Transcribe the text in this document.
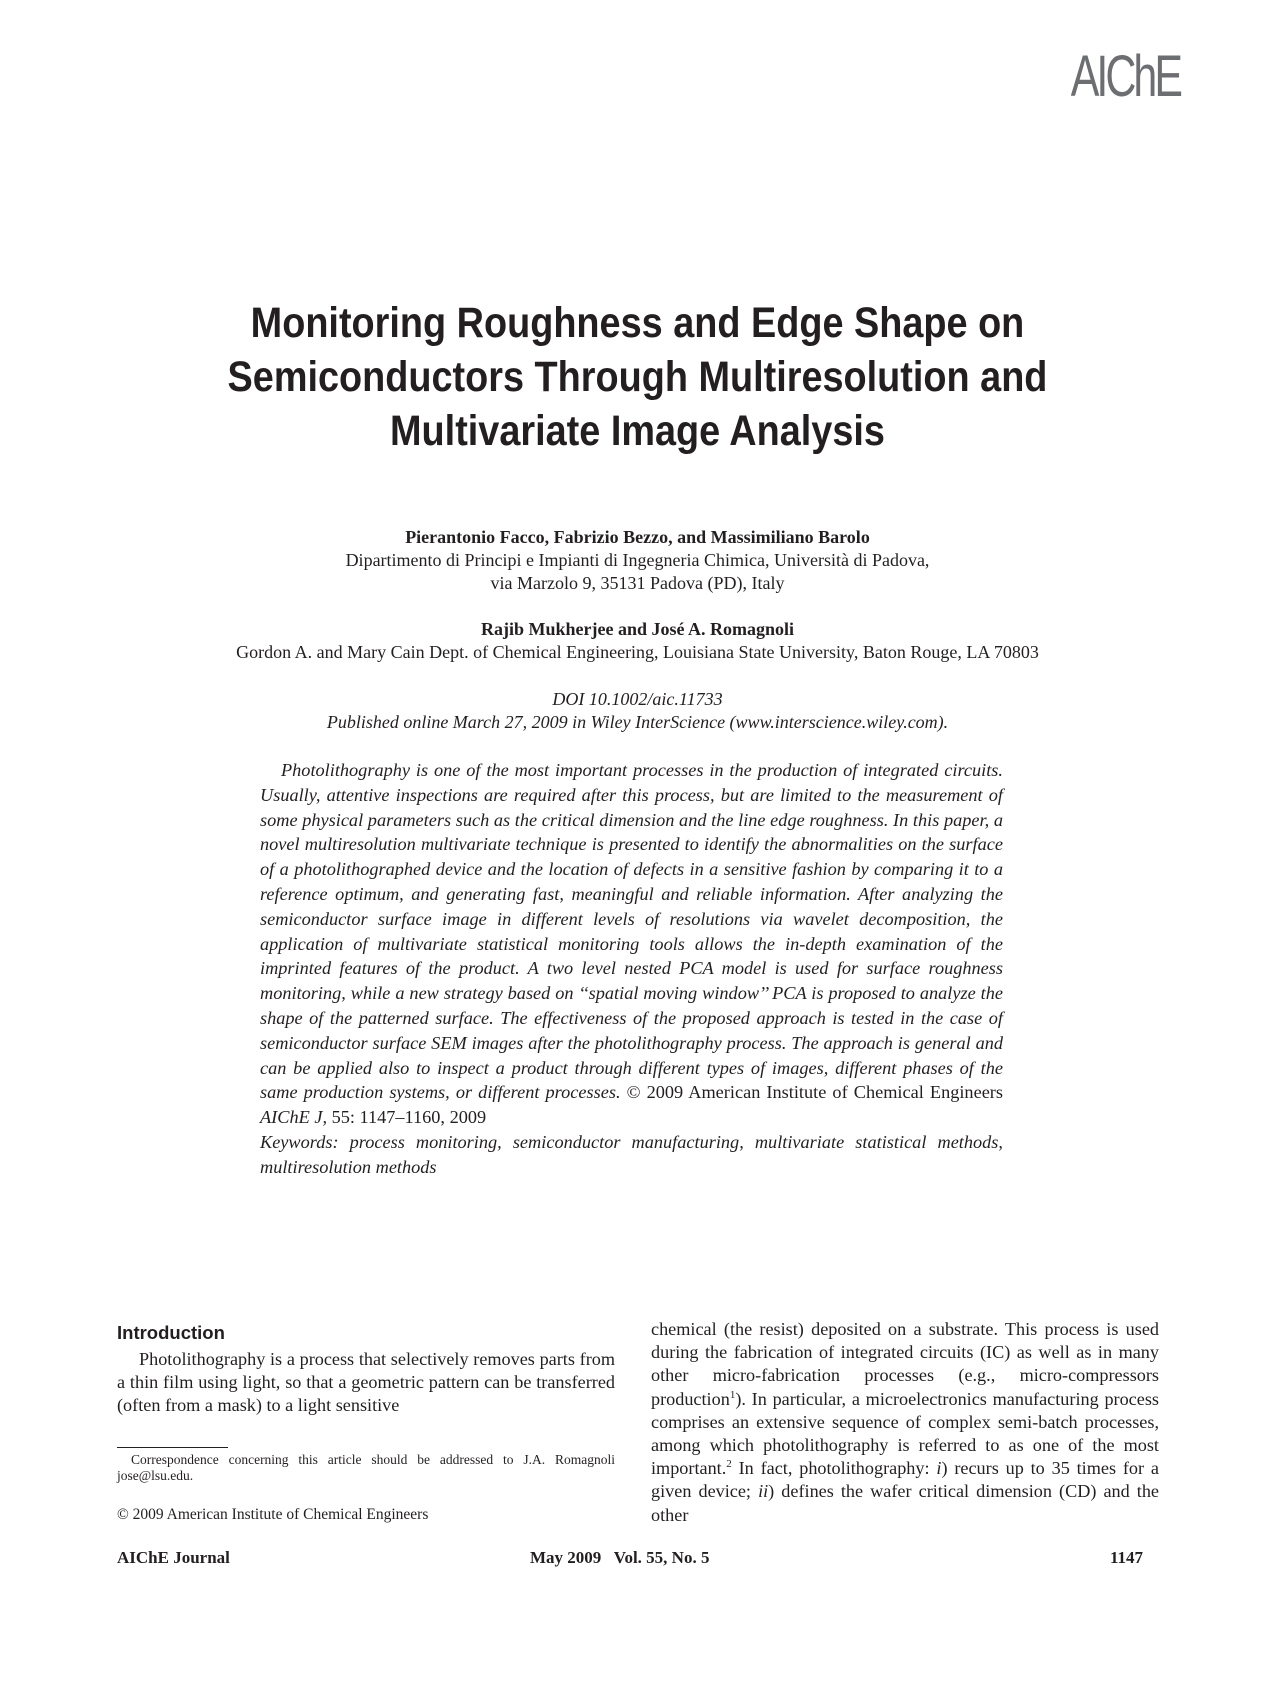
AIChE
Monitoring Roughness and Edge Shape on
Semiconductors Through Multiresolution and
Multivariate Image Analysis
Pierantonio Facco, Fabrizio Bezzo, and Massimiliano Barolo
Dipartimento di Principi e Impianti di Ingegneria Chimica, Università di Padova,
via Marzolo 9, 35131 Padova (PD), Italy
Rajib Mukherjee and José A. Romagnoli
Gordon A. and Mary Cain Dept. of Chemical Engineering, Louisiana State University, Baton Rouge, LA 70803
DOI 10.1002/aic.11733
Published online March 27, 2009 in Wiley InterScience (www.interscience.wiley.com).

Photolithography is one of the most important processes in the production of integrated circuits. Usually, attentive inspections are required after this process, but are limited to the measurement of some physical parameters such as the critical dimension and the line edge roughness. In this paper, a novel multiresolution multivariate technique is presented to identify the abnormalities on the surface of a photolithographed device and the location of defects in a sensitive fashion by comparing it to a reference optimum, and generating fast, meaningful and reliable information. After analyzing the semiconductor surface image in different levels of resolutions via wavelet decomposition, the application of multivariate statistical monitoring tools allows the in-depth examination of the imprinted features of the product. A two level nested PCA model is used for surface roughness monitoring, while a new strategy based on ‘‘spatial moving window’’ PCA is proposed to analyze the shape of the patterned surface. The effectiveness of the proposed approach is tested in the case of semiconductor surface SEM images after the photolithography process. The approach is general and can be applied also to inspect a product through different types of images, different phases of the same production systems, or different processes. © 2009 American Institute of Chemical Engineers AIChE J, 55: 1147–1160, 2009

Keywords: process monitoring, semiconductor manufacturing, multivariate statistical methods, multiresolution methods

Introduction

Photolithography is a process that selectively removes parts from a thin film using light, so that a geometric pattern can be transferred (often from a mask) to a light sensitive

chemical (the resist) deposited on a substrate. This process is used during the fabrication of integrated circuits (IC) as well as in many other micro-fabrication processes (e.g., micro-compressors production$^1$). In particular, a microelectronics manufacturing process comprises an extensive sequence of complex semi-batch processes, among which photolithography is referred to as one of the most important.$^2$ In fact, photolithography: i) recurs up to 35 times for a given device; ii) defines the wafer critical dimension (CD) and the other

Correspondence concerning this article should be addressed to J.A. Romagnoli jose@lsu.edu.
© 2009 American Institute of Chemical Engineers
AIChE Journal	May 2009   Vol. 55, No. 5	1147
